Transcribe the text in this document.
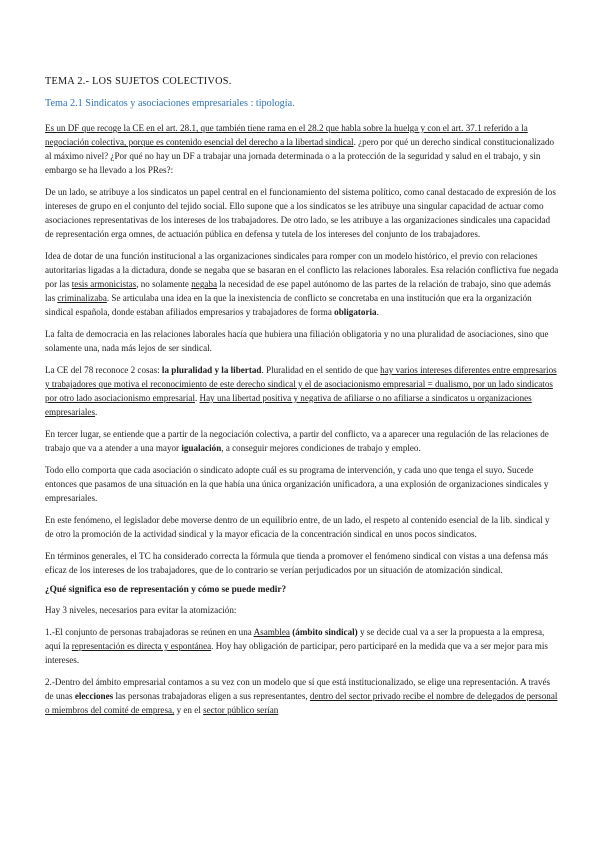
TEMA 2.- LOS SUJETOS COLECTIVOS.
Tema 2.1 Sindicatos y asociaciones empresariales : tipología.

Es un DF que recoge la CE en el art. 28.1, que también tiene rama en el 28.2 que habla sobre la huelga y con el art. 37.1 referido a la negociación colectiva, porque es contenido esencial del derecho a la libertad sindical. ¿pero por qué un derecho sindical constitucionalizado al máximo nivel? ¿Por qué no hay un DF a trabajar una jornada determinada o a la protección de la seguridad y salud en el trabajo, y sin embargo se ha llevado a los PRes?:

De un lado, se atribuye a los sindicatos un papel central en el funcionamiento del sistema político, como canal destacado de expresión de los intereses de grupo en el conjunto del tejido social. Ello supone que a los sindicatos se les atribuye una singular capacidad de actuar como asociaciones representativas de los intereses de los trabajadores. De otro lado, se les atribuye a las organizaciones sindicales una capacidad de representación erga omnes, de actuación pública en defensa y tutela de los intereses del conjunto de los trabajadores.

Idea de dotar de una función institucional a las organizaciones sindicales para romper con un modelo histórico, el previo con relaciones autoritarias ligadas a la dictadura, donde se negaba que se basaran en el conflicto las relaciones laborales. Esa relación conflictiva fue negada por las tesis armonicistas, no solamente negaba la necesidad de ese papel autónomo de las partes de la relación de trabajo, sino que además las criminalizaba. Se articulaba una idea en la que la inexistencia de conflicto se concretaba en una institución que era la organización sindical española, donde estaban afiliados empresarios y trabajadores de forma obligatoria.

La falta de democracia en las relaciones laborales hacía que hubiera una filiación obligatoria y no una pluralidad de asociaciones, sino que solamente una, nada más lejos de ser sindical.

La CE del 78 reconoce 2 cosas: la pluralidad y la libertad. Pluralidad en el sentido de que hay varios intereses diferentes entre empresarios y trabajadores que motiva el reconocimiento de este derecho sindical y el de asociacionismo empresarial = dualismo, por un lado sindicatos por otro lado asociacionismo empresarial. Hay una libertad positiva y negativa de afiliarse o no afiliarse a sindicatos u organizaciones empresariales.

En tercer lugar, se entiende que a partir de la negociación colectiva, a partir del conflicto, va a aparecer una regulación de las relaciones de trabajo que va a atender a una mayor igualación, a conseguir mejores condiciones de trabajo y empleo.

Todo ello comporta que cada asociación o sindicato adopte cuál es su programa de intervención, y cada uno que tenga el suyo. Sucede entonces que pasamos de una situación en la que había una única organización unificadora, a una explosión de organizaciones sindicales y empresariales.

En este fenómeno, el legislador debe moverse dentro de un equilibrio entre, de un lado, el respeto al contenido esencial de la lib. sindical y de otro la promoción de la actividad sindical y la mayor eficacia de la concentración sindical en unos pocos sindicatos.

En términos generales, el TC ha considerado correcta la fórmula que tienda a promover el fenómeno sindical con vistas a una defensa más eficaz de los intereses de los trabajadores, que de lo contrario se verían perjudicados por un situación de atomización sindical.

¿Qué significa eso de representación y cómo se puede medir?

Hay 3 niveles, necesarios para evitar la atomización:

1.-El conjunto de personas trabajadoras se reúnen en una Asamblea (ámbito sindical) y se decide cual va a ser la propuesta a la empresa, aquí la representación es directa y espontánea. Hoy hay obligación de participar, pero participaré en la medida que va a ser mejor para mis intereses.

2.-Dentro del ámbito empresarial contamos a su vez con un modelo que sí que está institucionalizado, se elige una representación. A través de unas elecciones las personas trabajadoras eligen a sus representantes, dentro del sector privado recibe el nombre de delegados de personal o miembros del comité de empresa, y en el sector público serían
